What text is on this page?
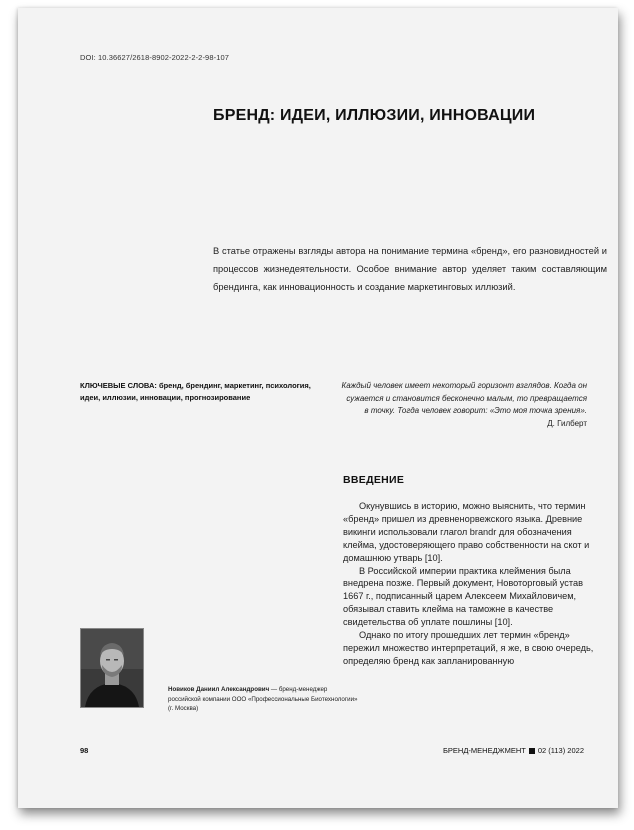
DOI: 10.36627/2618-8902-2022-2-2-98-107
БРЕНД: ИДЕИ, ИЛЛЮЗИИ, ИННОВАЦИИ
В статье отражены взгляды автора на понимание термина «бренд», его разновидностей и процессов жизнедеятельности. Особое внимание автор уделяет таким составляющим брендинга, как инновационность и создание маркетинговых иллюзий.
КЛЮЧЕВЫЕ СЛОВА: бренд, брендинг, маркетинг, психология, идеи, иллюзии, инновации, прогнозирование
Каждый человек имеет некоторый горизонт взглядов. Когда он сужается и становится бесконечно малым, то превращается в точку. Тогда человек говорит: «Это моя точка зрения».
Д. Гилберт
ВВЕДЕНИЕ

Окунувшись в историю, можно выяснить, что термин «бренд» пришел из древненорвежского языка. Древние викинги использовали глагол brandr для обозначения клейма, удостоверяющего право собственности на скот и домашнюю утварь [10].

В Российской империи практика клеймения была внедрена позже. Первый документ, Новоторговый устав 1667 г., подписанный царем Алексеем Михайловичем, обязывал ставить клейма на таможне в качестве свидетельства об уплате пошлины [10].

Однако по итогу прошедших лет термин «бренд» пережил множество интерпретаций, я же, в свою очередь, определяю бренд как запланированную

Новиков Даниил Александрович — бренд-менеджер российской компании ООО «Профессиональные Биотехнологии» (г. Москва)
98	БРЕНД-МЕНЕДЖМЕНТ 02 (113) 2022
